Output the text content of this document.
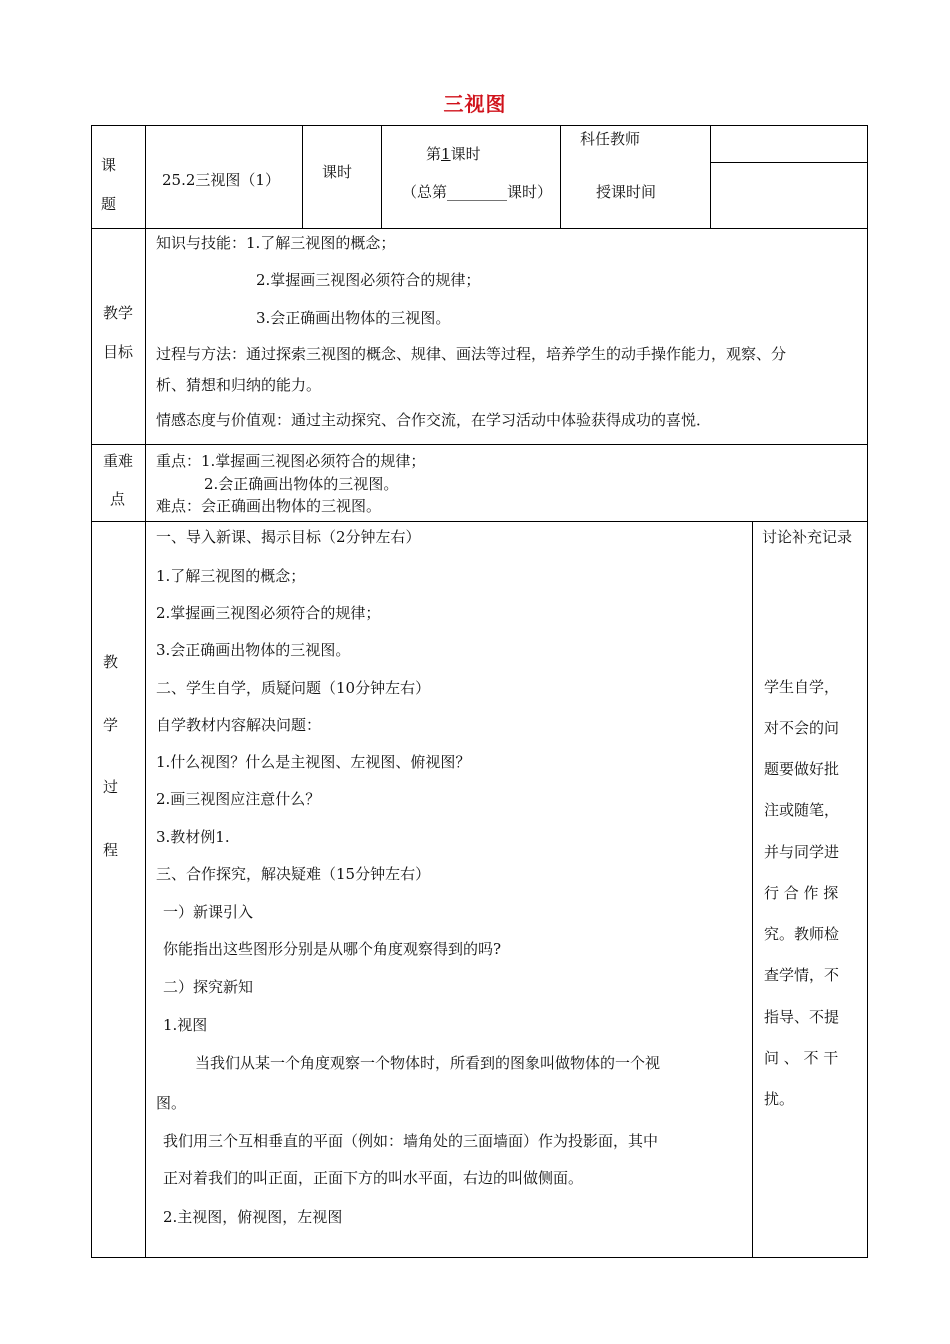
三视图
课
题
25.2三视图（1）	课时
第1课时
（总第________课时）
科任教师
授课时间
教学
目标
知识与技能：1.了解三视图的概念；
2.掌握画三视图必须符合的规律；
3.会正确画出物体的三视图。
过程与方法：通过探索三视图的概念、规律、画法等过程，培养学生的动手操作能力，观察、分
析、猜想和归纳的能力。
情感态度与价值观：通过主动探究、合作交流，在学习活动中体验获得成功的喜悦．
重难
点
重点：1.掌握画三视图必须符合的规律；
2.会正确画出物体的三视图。
难点：会正确画出物体的三视图。
教
学
过
程
一、导入新课、揭示目标（2分钟左右）
1.了解三视图的概念；
2.掌握画三视图必须符合的规律；
3.会正确画出物体的三视图。
二、学生自学，质疑问题（10分钟左右）
自学教材内容解决问题：
1.什么视图？什么是主视图、左视图、俯视图？
2.画三视图应注意什么？
3.教材例1.
三、合作探究，解决疑难（15分钟左右）
一）新课引入
你能指出这些图形分别是从哪个角度观察得到的吗?
二）探究新知
1.视图
当我们从某一个角度观察一个物体时，所看到的图象叫做物体的一个视
图。
我们用三个互相垂直的平面（例如：墙角处的三面墙面）作为投影面，其中
正对着我们的叫正面，正面下方的叫水平面，右边的叫做侧面。
2.主视图，俯视图，左视图
讨论补充记录
学生自学，
对不会的问
题要做好批
注或随笔，
并与同学进
行 合 作 探
究。教师检
查学情，不
指导、不提
问 、 不 干
扰。
